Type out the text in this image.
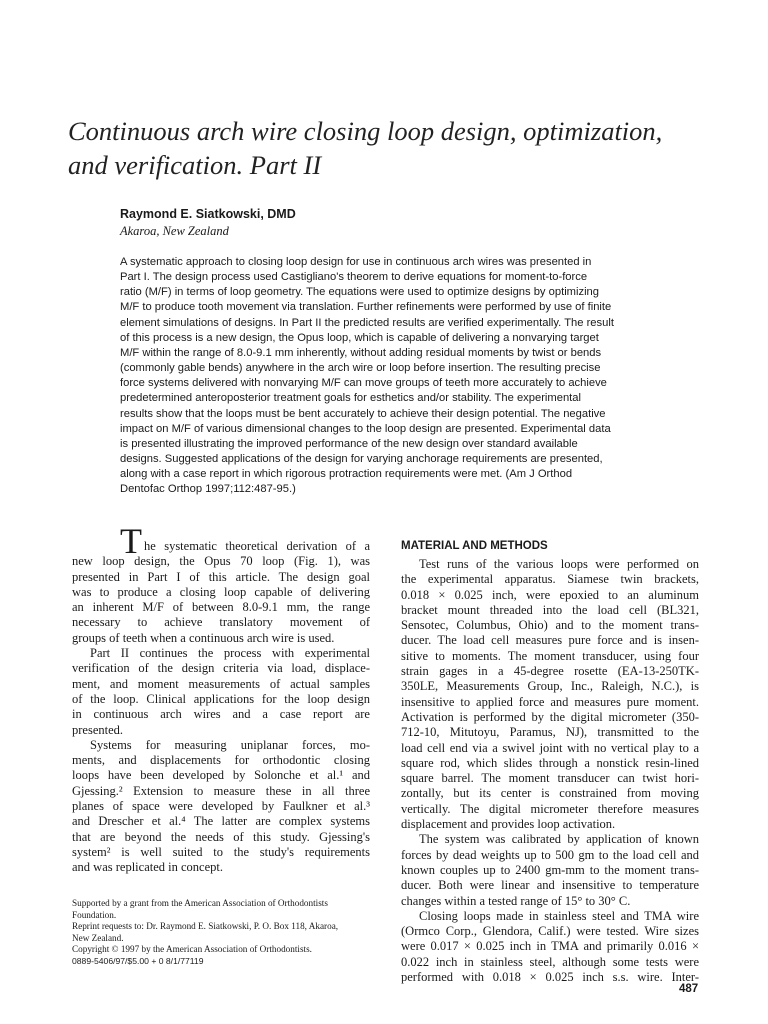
Continuous arch wire closing loop design, optimization,
and verification. Part II
Raymond E. Siatkowski, DMD
Akaroa, New Zealand
A systematic approach to closing loop design for use in continuous arch wires was presented in
Part I. The design process used Castigliano's theorem to derive equations for moment-to-force
ratio (M/F) in terms of loop geometry. The equations were used to optimize designs by optimizing
M/F to produce tooth movement via translation. Further refinements were performed by use of finite
element simulations of designs. In Part II the predicted results are verified experimentally. The result
of this process is a new design, the Opus loop, which is capable of delivering a nonvarying target
M/F within the range of 8.0-9.1 mm inherently, without adding residual moments by twist or bends
(commonly gable bends) anywhere in the arch wire or loop before insertion. The resulting precise
force systems delivered with nonvarying M/F can move groups of teeth more accurately to achieve
predetermined anteroposterior treatment goals for esthetics and/or stability. The experimental
results show that the loops must be bent accurately to achieve their design potential. The negative
impact on M/F of various dimensional changes to the loop design are presented. Experimental data
is presented illustrating the improved performance of the new design over standard available
designs. Suggested applications of the design for varying anchorage requirements are presented,
along with a case report in which rigorous protraction requirements were met. (Am J Orthod
Dentofac Orthop 1997;112:487-95.)
T he systematic theoretical derivation of a
new loop design, the Opus 70 loop (Fig. 1), was
presented in Part I of this article. The design goal
was to produce a closing loop capable of delivering
an inherent M/F of between 8.0-9.1 mm, the range
necessary to achieve translatory movement of
groups of teeth when a continuous arch wire is used.
Part II continues the process with experimental
verification of the design criteria via load, displace-
ment, and moment measurements of actual samples
of the loop. Clinical applications for the loop design
in continuous arch wires and a case report are
presented.
Systems for measuring uniplanar forces, mo-
ments, and displacements for orthodontic closing
loops have been developed by Solonche et al.¹ and
Gjessing.² Extension to measure these in all three
planes of space were developed by Faulkner et al.³
and Drescher et al.⁴ The latter are complex systems
that are beyond the needs of this study. Gjessing's
system² is well suited to the study's requirements
and was replicated in concept.
MATERIAL AND METHODS
Test runs of the various loops were performed on
the experimental apparatus. Siamese twin brackets,
0.018 × 0.025 inch, were epoxied to an aluminum
bracket mount threaded into the load cell (BL321,
Sensotec, Columbus, Ohio) and to the moment trans-
ducer. The load cell measures pure force and is insen-
sitive to moments. The moment transducer, using four
strain gages in a 45-degree rosette (EA-13-250TK-
350LE, Measurements Group, Inc., Raleigh, N.C.), is
insensitive to applied force and measures pure moment.
Activation is performed by the digital micrometer (350-
712-10, Mitutoyu, Paramus, NJ), transmitted to the
load cell end via a swivel joint with no vertical play to a
square rod, which slides through a nonstick resin-lined
square barrel. The moment transducer can twist hori-
zontally, but its center is constrained from moving
vertically. The digital micrometer therefore measures
displacement and provides loop activation.
The system was calibrated by application of known
forces by dead weights up to 500 gm to the load cell and
known couples up to 2400 gm-mm to the moment trans-
ducer. Both were linear and insensitive to temperature
changes within a tested range of 15° to 30° C.
Closing loops made in stainless steel and TMA wire
(Ormco Corp., Glendora, Calif.) were tested. Wire sizes
were 0.017 × 0.025 inch in TMA and primarily 0.016 ×
0.022 inch in stainless steel, although some tests were
performed with 0.018 × 0.025 inch s.s. wire. Inter-
Supported by a grant from the American Association of Orthodontists
Foundation.
Reprint requests to: Dr. Raymond E. Siatkowski, P. O. Box 118, Akaroa,
New Zealand.
Copyright © 1997 by the American Association of Orthodontists.
0889-5406/97/$5.00 + 0 8/1/77119
487
